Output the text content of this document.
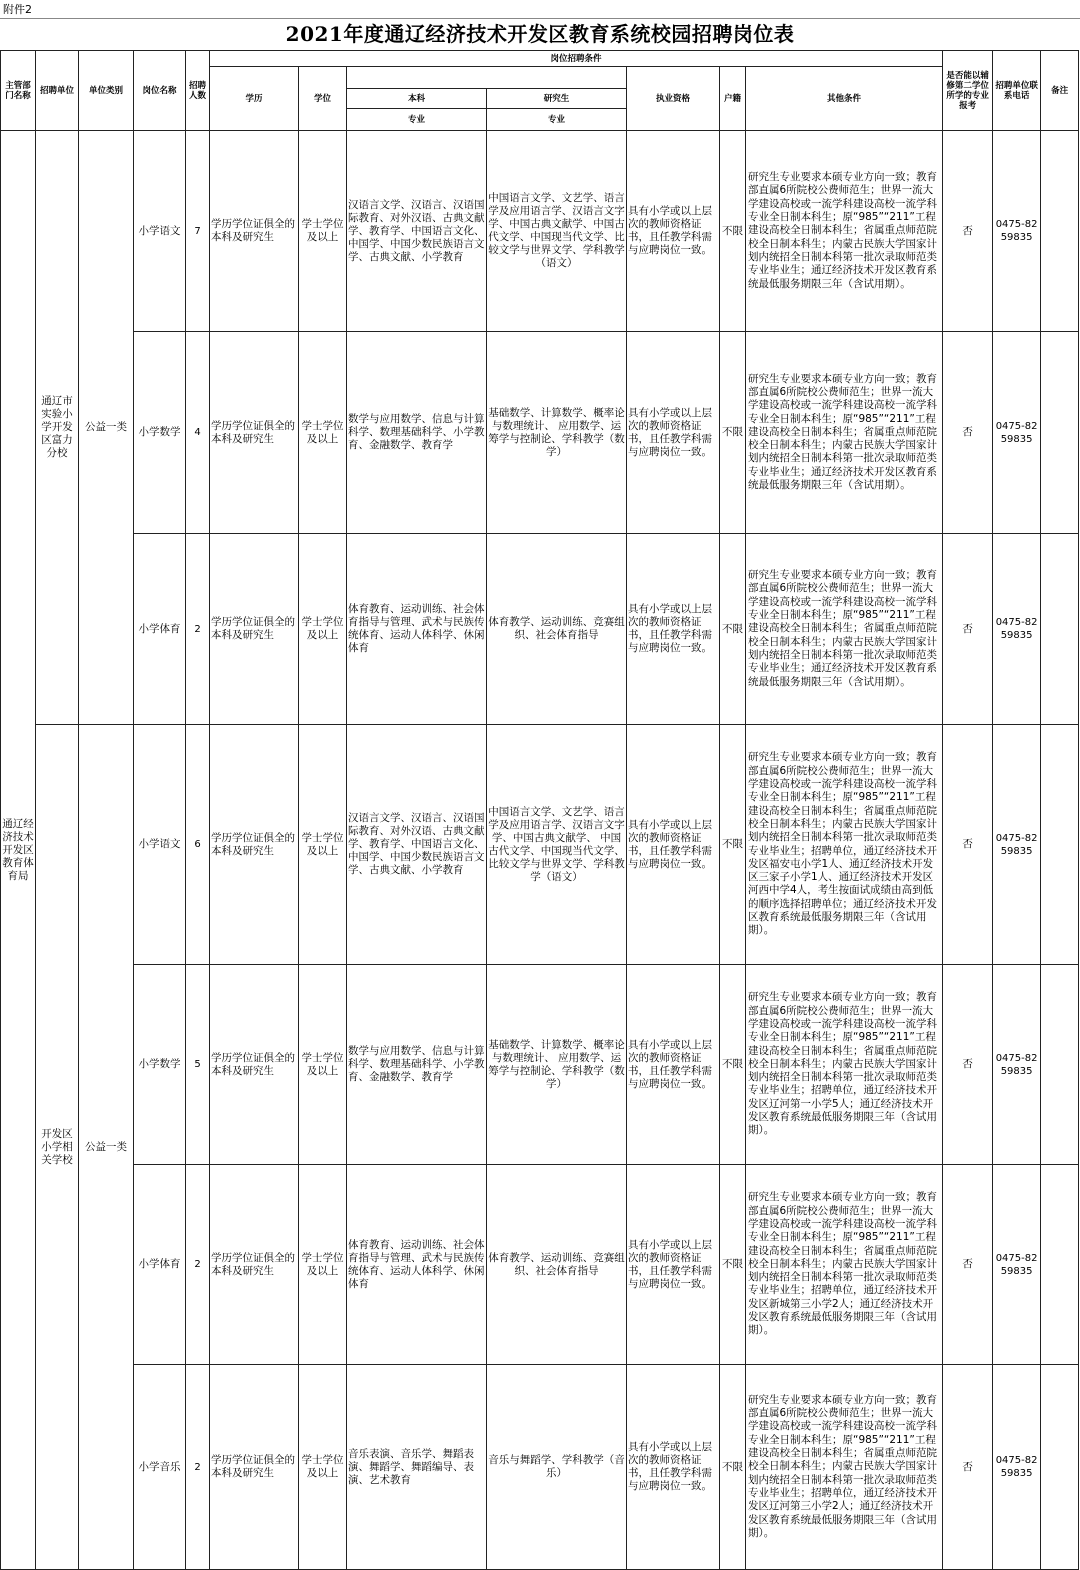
附件2
2021年度通辽经济技术开发区教育系统校园招聘岗位表
主管部门名称	招聘单位	单位类别	岗位名称	招聘人数	岗位招聘条件							是否能以辅修第二学位所学的专业报考	招聘单位联系电话	备注
					学历	学位			执业资格	户籍	其他条件			
							本科	研究生						
							专业	专业						
通辽经济技术开发区教育体育局	通辽市实验小学开发区富力分校	公益一类	小学语文	7	学历学位证俱全的本科及研究生	学士学位及以上	汉语言文学、汉语言、汉语国际教育、对外汉语、古典文献学、教育学、中国语言文化、中国学、中国少数民族语言文学、古典文献、小学教育	中国语言文学、文艺学、语言学及应用语言学、汉语言文字学、中国古典文献学、中国古代文学、中国现当代文学、比较文学与世界文学、学科教学（语文）	具有小学或以上层次的教师资格证书，且任教学科需与应聘岗位一致。	不限	研究生专业要求本硕专业方向一致；教育部直属6所院校公费师范生；世界一流大学建设高校或一流学科建设高校一流学科专业全日制本科生；原“985”“211”工程建设高校全日制本科生；省属重点师范院校全日制本科生；内蒙古民族大学国家计划内统招全日制本科第一批次录取师范类专业毕业生；通辽经济技术开发区教育系统最低服务期限三年（含试用期）。	否	0475-8259835	
			小学数学	4	学历学位证俱全的本科及研究生	学士学位及以上	数学与应用数学、信息与计算科学、数理基础科学、小学教育、金融数学、教育学	基础数学、计算数学、概率论与数理统计、 应用数学、运筹学与控制论、学科教学（数学）	具有小学或以上层次的教师资格证书，且任教学科需与应聘岗位一致。	不限	研究生专业要求本硕专业方向一致；教育部直属6所院校公费师范生；世界一流大学建设高校或一流学科建设高校一流学科专业全日制本科生；原“985”“211”工程建设高校全日制本科生；省属重点师范院校全日制本科生；内蒙古民族大学国家计划内统招全日制本科第一批次录取师范类专业毕业生；通辽经济技术开发区教育系统最低服务期限三年（含试用期）。	否	0475-8259835	
			小学体育	2	学历学位证俱全的本科及研究生	学士学位及以上	体育教育、运动训练、社会体育指导与管理、武术与民族传统体育、运动人体科学、休闲体育	体育教学、运动训练、竞赛组织、社会体育指导	具有小学或以上层次的教师资格证书，且任教学科需与应聘岗位一致。	不限	研究生专业要求本硕专业方向一致；教育部直属6所院校公费师范生；世界一流大学建设高校或一流学科建设高校一流学科专业全日制本科生；原“985”“211”工程建设高校全日制本科生；省属重点师范院校全日制本科生；内蒙古民族大学国家计划内统招全日制本科第一批次录取师范类专业毕业生；通辽经济技术开发区教育系统最低服务期限三年（含试用期）。	否	0475-8259835	
	开发区小学相关学校	公益一类	小学语文	6	学历学位证俱全的本科及研究生	学士学位及以上	汉语言文学、汉语言、汉语国际教育、对外汉语、古典文献学、教育学、中国语言文化、中国学、中国少数民族语言文学、古典文献、小学教育	中国语言文学、文艺学、语言学及应用语言学、汉语言文字学、中国古典文献学、 中国古代文学、中国现当代文学、比较文学与世界文学、学科教学（语文）	具有小学或以上层次的教师资格证书，且任教学科需与应聘岗位一致。	不限	研究生专业要求本硕专业方向一致；教育部直属6所院校公费师范生；世界一流大学建设高校或一流学科建设高校一流学科专业全日制本科生；原“985”“211”工程建设高校全日制本科生；省属重点师范院校全日制本科生；内蒙古民族大学国家计划内统招全日制本科第一批次录取师范类专业毕业生；招聘单位，通辽经济技术开发区福安屯小学1人、通辽经济技术开发区三家子小学1人、通辽经济技术开发区河西中学4人，考生按面试成绩由高到低的顺序选择招聘单位；通辽经济技术开发区教育系统最低服务期限三年（含试用期）。	否	0475-8259835	
			小学数学	5	学历学位证俱全的本科及研究生	学士学位及以上	数学与应用数学、信息与计算科学、数理基础科学、小学教育、金融数学、教育学	基础数学、计算数学、概率论与数理统计、 应用数学、运筹学与控制论、学科教学（数学）	具有小学或以上层次的教师资格证书，且任教学科需与应聘岗位一致。	不限	研究生专业要求本硕专业方向一致；教育部直属6所院校公费师范生；世界一流大学建设高校或一流学科建设高校一流学科专业全日制本科生；原“985”“211”工程建设高校全日制本科生；省属重点师范院校全日制本科生；内蒙古民族大学国家计划内统招全日制本科第一批次录取师范类专业毕业生；招聘单位，通辽经济技术开发区辽河第一小学5人；通辽经济技术开发区教育系统最低服务期限三年（含试用期）。	否	0475-8259835	
			小学体育	2	学历学位证俱全的本科及研究生	学士学位及以上	体育教育、运动训练、社会体育指导与管理、武术与民族传统体育、运动人体科学、休闲体育	体育教学、运动训练、竞赛组织、社会体育指导	具有小学或以上层次的教师资格证书，且任教学科需与应聘岗位一致。	不限	研究生专业要求本硕专业方向一致；教育部直属6所院校公费师范生；世界一流大学建设高校或一流学科建设高校一流学科专业全日制本科生；原“985”“211”工程建设高校全日制本科生；省属重点师范院校全日制本科生；内蒙古民族大学国家计划内统招全日制本科第一批次录取师范类专业毕业生；招聘单位，通辽经济技术开发区新城第三小学2人；通辽经济技术开发区教育系统最低服务期限三年（含试用期）。	否	0475-8259835	
			小学音乐	2	学历学位证俱全的本科及研究生	学士学位及以上	音乐表演、音乐学、舞蹈表演、舞蹈学、舞蹈编导、表演、艺术教育	音乐与舞蹈学、学科教学（音乐）	具有小学或以上层次的教师资格证书，且任教学科需与应聘岗位一致。	不限	研究生专业要求本硕专业方向一致；教育部直属6所院校公费师范生；世界一流大学建设高校或一流学科建设高校一流学科专业全日制本科生；原“985”“211”工程建设高校全日制本科生；省属重点师范院校全日制本科生；内蒙古民族大学国家计划内统招全日制本科第一批次录取师范类专业毕业生；招聘单位，通辽经济技术开发区辽河第三小学2人；通辽经济技术开发区教育系统最低服务期限三年（含试用期）。	否	0475-8259835	
